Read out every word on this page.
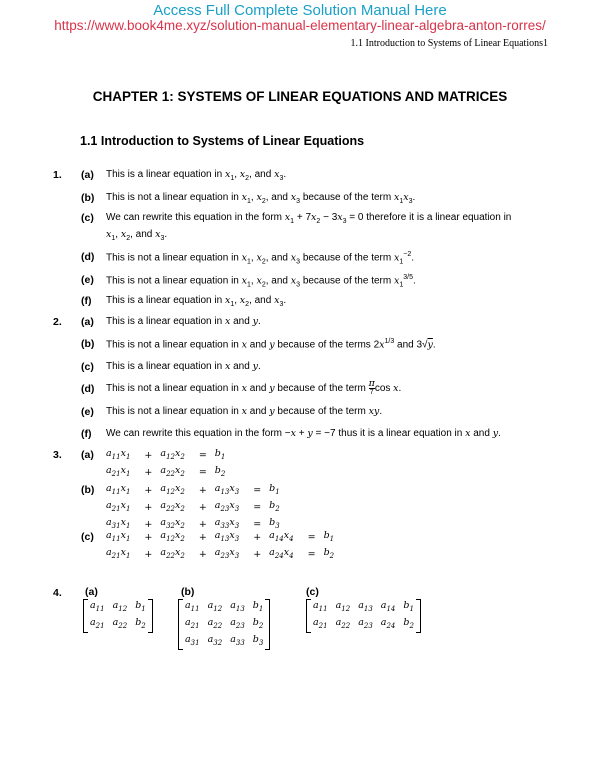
Access Full Complete Solution Manual Here
https://www.book4me.xyz/solution-manual-elementary-linear-algebra-anton-rorres/
1.1 Introduction to Systems of Linear Equations 1
CHAPTER 1: SYSTEMS OF LINEAR EQUATIONS AND MATRICES
1.1 Introduction to Systems of Linear Equations
1. (a) This is a linear equation in $x_1$, $x_2$, and $x_3$.
(b) This is not a linear equation in $x_1$, $x_2$, and $x_3$ because of the term $x_1x_3$.
(c) We can rewrite this equation in the form $x_1 + 7x_2 - 3x_3 = 0$ therefore it is a linear equation in
$x_1$, $x_2$, and $x_3$.
(d) This is not a linear equation in $x_1$, $x_2$, and $x_3$ because of the term $x_1^{-2}$.
(e) This is not a linear equation in $x_1$, $x_2$, and $x_3$ because of the term $x_1^{3/5}$.
(f) This is a linear equation in $x_1$, $x_2$, and $x_3$.
2. (a) This is a linear equation in x and y.
(b) This is not a linear equation in x and y because of the terms $2x^{1/3}$ and 3√y.
(c) This is a linear equation in x and y.
(d) This is not a linear equation in x and y because of the term $\frac{\pi}{7}$ cos x.
(e) This is not a linear equation in x and y because of the term xy.
(f) We can rewrite this equation in the form −x + y = −7 thus it is a linear equation in x and y.
3. (a) $a_{11}x_1$	+	$a_{12}x_2$	=	$b_1$
$a_{21}x_1$	+	$a_{22}x_2$	=	$b_2$
(b) $a_{11}x_1$	+	$a_{12}x_2$	+	$a_{13}x_3$	=	$b_1$
$a_{21}x_1$	+	$a_{22}x_2$	+	$a_{23}x_3$	=	$b_2$
$a_{31}x_1$	+	$a_{32}x_2$	+	$a_{33}x_3$	=	$b_3$
(c) $a_{11}x_1$	+	$a_{12}x_2$	+	$a_{13}x_3$	+	$a_{14}x_4$	=	$b_1$
$a_{21}x_1$	+	$a_{22}x_2$	+	$a_{23}x_3$	+	$a_{24}x_4$	=	$b_2$
4. (a)	(b)	(c)
$a_{11}$	$a_{12}$	$b_1$
$a_{21}$	$a_{22}$	$b_2$
$a_{11}$	$a_{12}$	$a_{13}$	$b_1$
$a_{21}$	$a_{22}$	$a_{23}$	$b_2$
$a_{31}$	$a_{32}$	$a_{33}$	$b_3$
$a_{11}$	$a_{12}$	$a_{13}$	$a_{14}$	$b_1$
$a_{21}$	$a_{22}$	$a_{23}$	$a_{24}$	$b_2$
